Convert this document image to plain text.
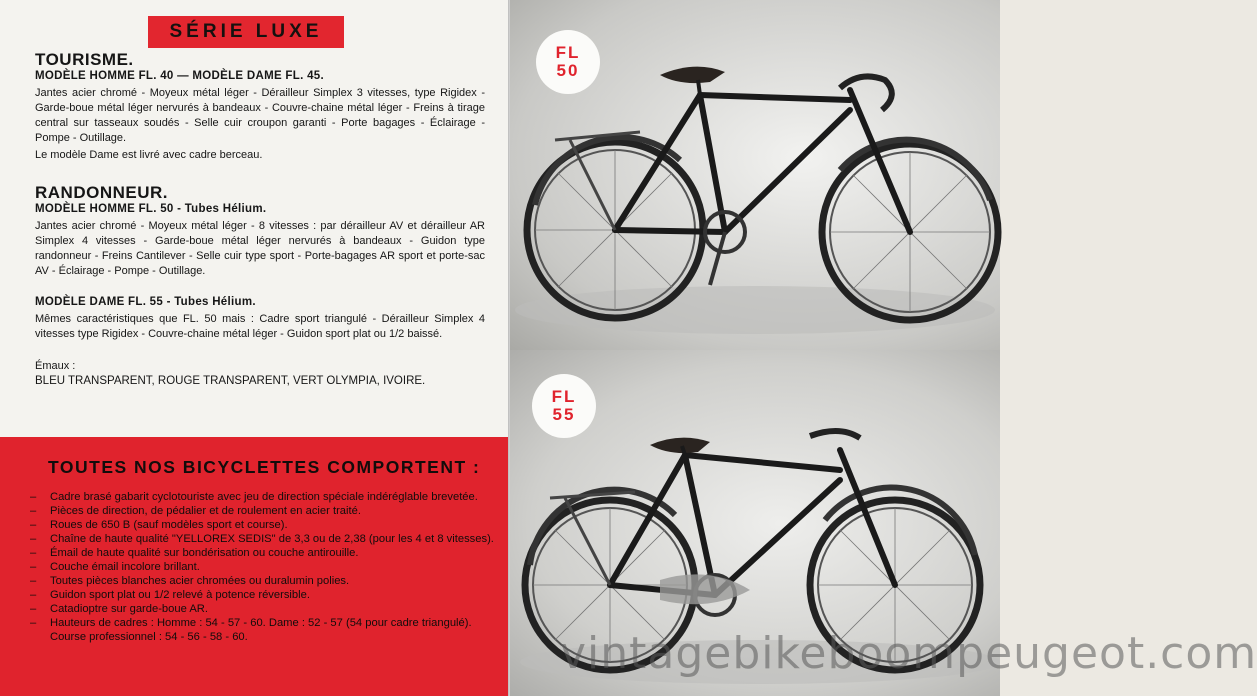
SÉRIE LUXE
TOURISME.
MODÈLE HOMME FL. 40 — MODÈLE DAME FL. 45.
Jantes acier chromé - Moyeux métal léger - Dérailleur Simplex 3 vitesses, type Rigidex - Garde-boue métal léger nervurés à bandeaux - Couvre-chaine métal léger - Freins à tirage central sur tasseaux soudés - Selle cuir croupon garanti - Porte bagages - Éclairage - Pompe - Outillage.
Le modèle Dame est livré avec cadre berceau.
RANDONNEUR.
MODÈLE HOMME FL. 50 - Tubes Hélium.
Jantes acier chromé - Moyeux métal léger - 8 vitesses : par dérailleur AV et dérailleur AR Simplex 4 vitesses - Garde-boue métal léger nervurés à bandeaux - Guidon type randonneur - Freins Cantilever - Selle cuir type sport - Porte-bagages AR sport et porte-sac AV - Éclairage - Pompe - Outillage.
MODÈLE DAME FL. 55 - Tubes Hélium.
Mêmes caractéristiques que FL. 50 mais : Cadre sport triangulé - Dérailleur Simplex 4 vitesses type Rigidex - Couvre-chaine métal léger - Guidon sport plat ou 1/2 baissé.
Émaux :
BLEU TRANSPARENT, ROUGE TRANSPARENT, VERT OLYMPIA, IVOIRE.
TOUTES NOS BICYCLETTES COMPORTENT :
– Cadre brasé gabarit cyclotouriste avec jeu de direction spéciale indéréglable brevetée.
– Pièces de direction, de pédalier et de roulement en acier traité.
– Roues de 650 B (sauf modèles sport et course).
– Chaîne de haute qualité "YELLOREX SEDIS" de 3,3 ou de 2,38 (pour les 4 et 8 vitesses).
– Émail de haute qualité sur bondérisation ou couche antirouille.
– Couche émail incolore brillant.
– Toutes pièces blanches acier chromées ou duralumin polies.
– Guidon sport plat ou 1/2 relevé à potence réversible.
– Catadioptre sur garde-boue AR.
– Hauteurs de cadres : Homme : 54 - 57 - 60. Dame : 52 - 57 (54 pour cadre triangulé). Course professionnel : 54 - 56 - 58 - 60.
FL
50
FL
55
vintagebikeboompeugeot.com
